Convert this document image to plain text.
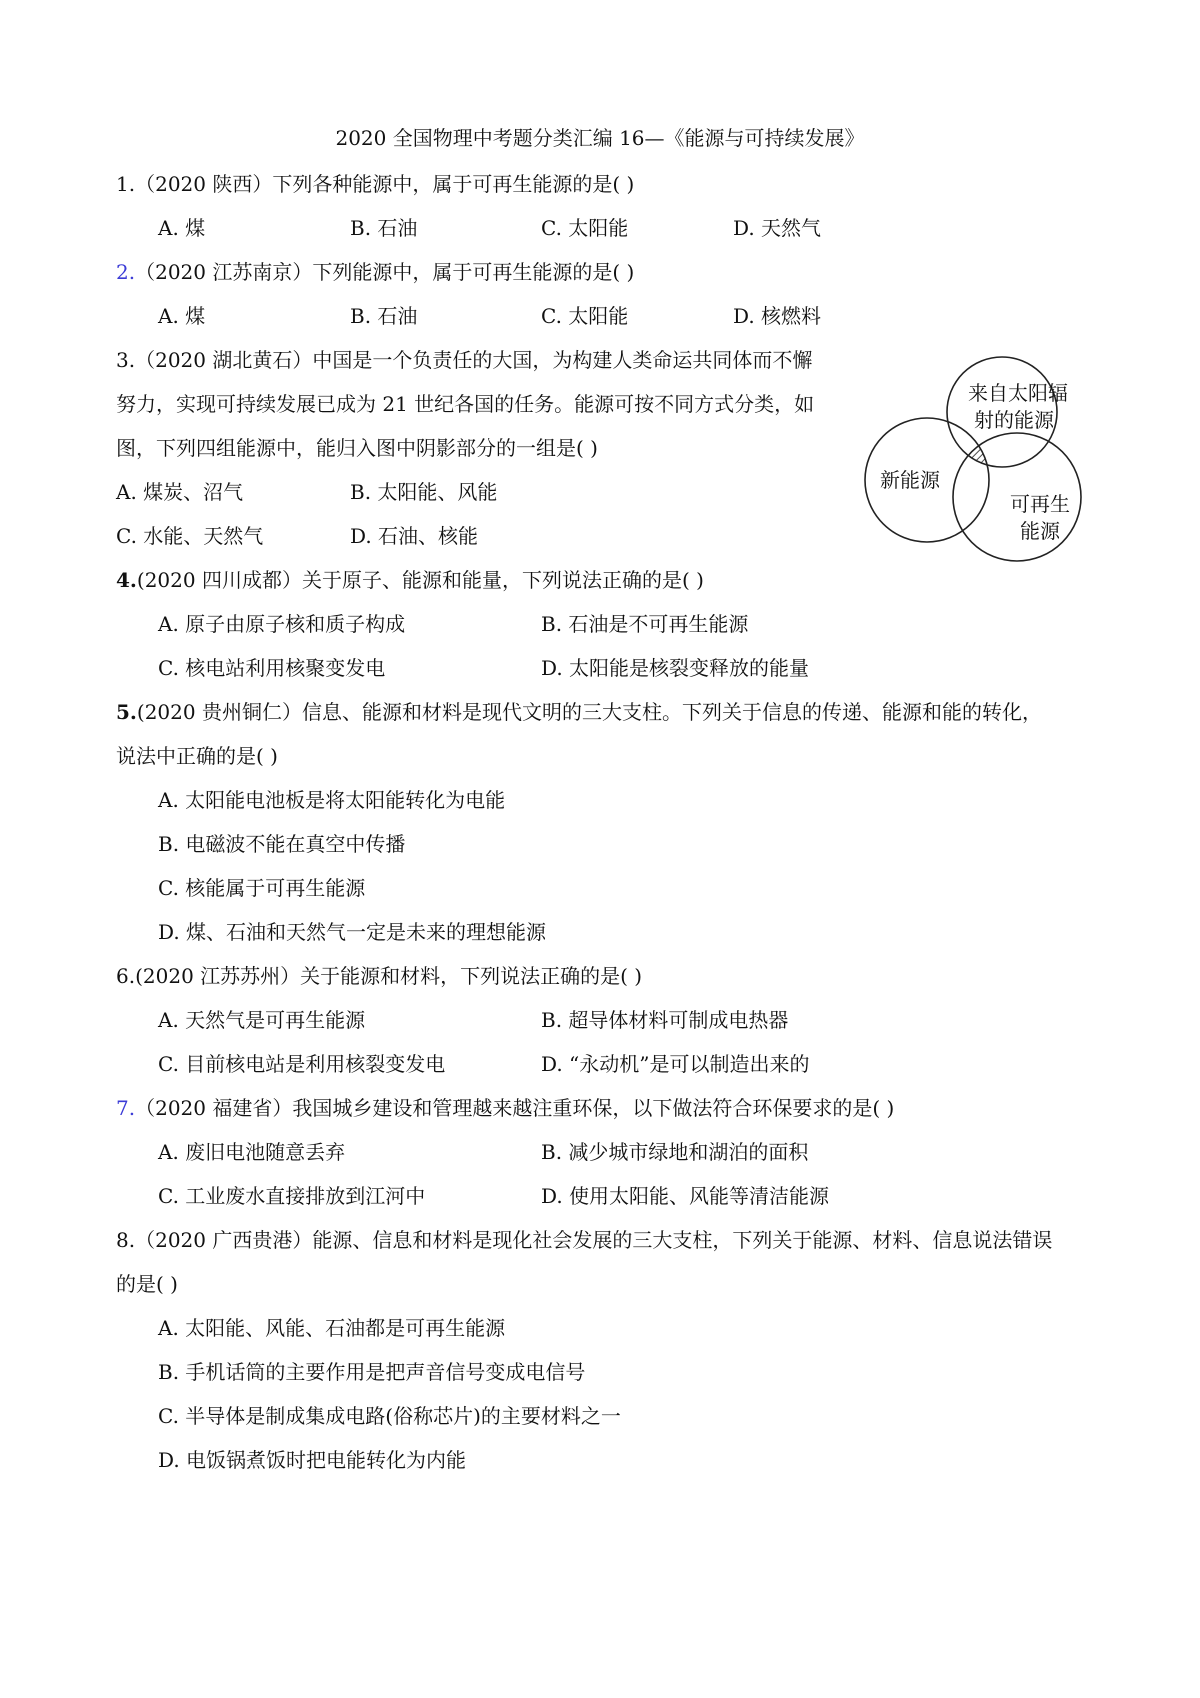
2020 全国物理中考题分类汇编 16—《能源与可持续发展》
1.（2020 陕西）下列各种能源中，属于可再生能源的是( )
A. 煤	B. 石油	C. 太阳能	D. 天然气
2.（2020 江苏南京）下列能源中，属于可再生能源的是( )
A. 煤	B. 石油	C. 太阳能	D. 核燃料
3.（2020 湖北黄石）中国是一个负责任的大国，为构建人类命运共同体而不懈
努力，实现可持续发展已成为 21 世纪各国的任务。能源可按不同方式分类，如
图，下列四组能源中，能归入图中阴影部分的一组是( )
A. 煤炭、沼气	B. 太阳能、风能
C. 水能、天然气	D. 石油、核能
来自太阳辐
射的能源
新能源
可再生
能源
4.(2020 四川成都）关于原子、能源和能量，下列说法正确的是( )
A. 原子由原子核和质子构成	B. 石油是不可再生能源
C. 核电站利用核聚变发电	D. 太阳能是核裂变释放的能量
5.(2020 贵州铜仁）信息、能源和材料是现代文明的三大支柱。下列关于信息的传递、能源和能的转化，
说法中正确的是( )
A. 太阳能电池板是将太阳能转化为电能
B. 电磁波不能在真空中传播
C. 核能属于可再生能源
D. 煤、石油和天然气一定是未来的理想能源
6.(2020 江苏苏州）关于能源和材料，下列说法正确的是( )
A. 天然气是可再生能源	B. 超导体材料可制成电热器
C. 目前核电站是利用核裂变发电	D. “永动机”是可以制造出来的
7.（2020 福建省）我国城乡建设和管理越来越注重环保，以下做法符合环保要求的是( )
A. 废旧电池随意丢弃	B. 减少城市绿地和湖泊的面积
C. 工业废水直接排放到江河中	D. 使用太阳能、风能等清洁能源
8.（2020 广西贵港）能源、信息和材料是现化社会发展的三大支柱，下列关于能源、材料、信息说法错误
的是( )
A. 太阳能、风能、石油都是可再生能源
B. 手机话筒的主要作用是把声音信号变成电信号
C. 半导体是制成集成电路(俗称芯片)的主要材料之一
D. 电饭锅煮饭时把电能转化为内能
